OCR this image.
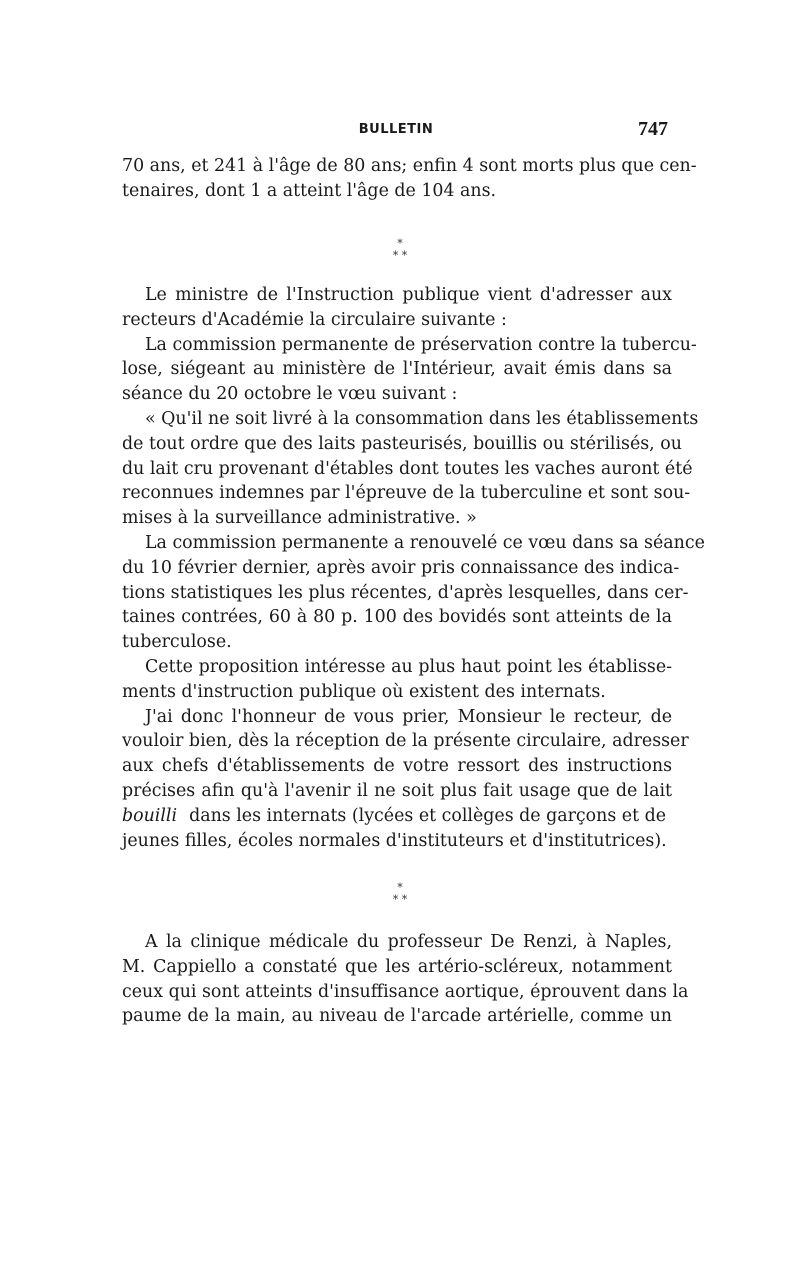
BULLETIN	747
70 ans, et 241 à l'âge de 80 ans; enfin 4 sont morts plus que cen-
tenaires, dont 1 a atteint l'âge de 104 ans.
*
* *
Le ministre de l'Instruction publique vient d'adresser aux
recteurs d'Académie la circulaire suivante :
La commission permanente de préservation contre la tubercu-
lose, siégeant au ministère de l'Intérieur, avait émis dans sa
séance du 20 octobre le vœu suivant :
« Qu'il ne soit livré à la consommation dans les établissements
de tout ordre que des laits pasteurisés, bouillis ou stérilisés, ou
du lait cru provenant d'étables dont toutes les vaches auront été
reconnues indemnes par l'épreuve de la tuberculine et sont sou-
mises à la surveillance administrative. »
La commission permanente a renouvelé ce vœu dans sa séance
du 10 février dernier, après avoir pris connaissance des indica-
tions statistiques les plus récentes, d'après lesquelles, dans cer-
taines contrées, 60 à 80 p. 100 des bovidés sont atteints de la
tuberculose.
Cette proposition intéresse au plus haut point les établisse-
ments d'instruction publique où existent des internats.
J'ai donc l'honneur de vous prier, Monsieur le recteur, de
vouloir bien, dès la réception de la présente circulaire, adresser
aux chefs d'établissements de votre ressort des instructions
précises afin qu'à l'avenir il ne soit plus fait usage que de lait
bouilli dans les internats (lycées et collèges de garçons et de
jeunes filles, écoles normales d'instituteurs et d'institutrices).
*
* *
A la clinique médicale du professeur De Renzi, à Naples,
M. Cappiello a constaté que les artério-scléreux, notamment
ceux qui sont atteints d'insuffisance aortique, éprouvent dans la
paume de la main, au niveau de l'arcade artérielle, comme un
